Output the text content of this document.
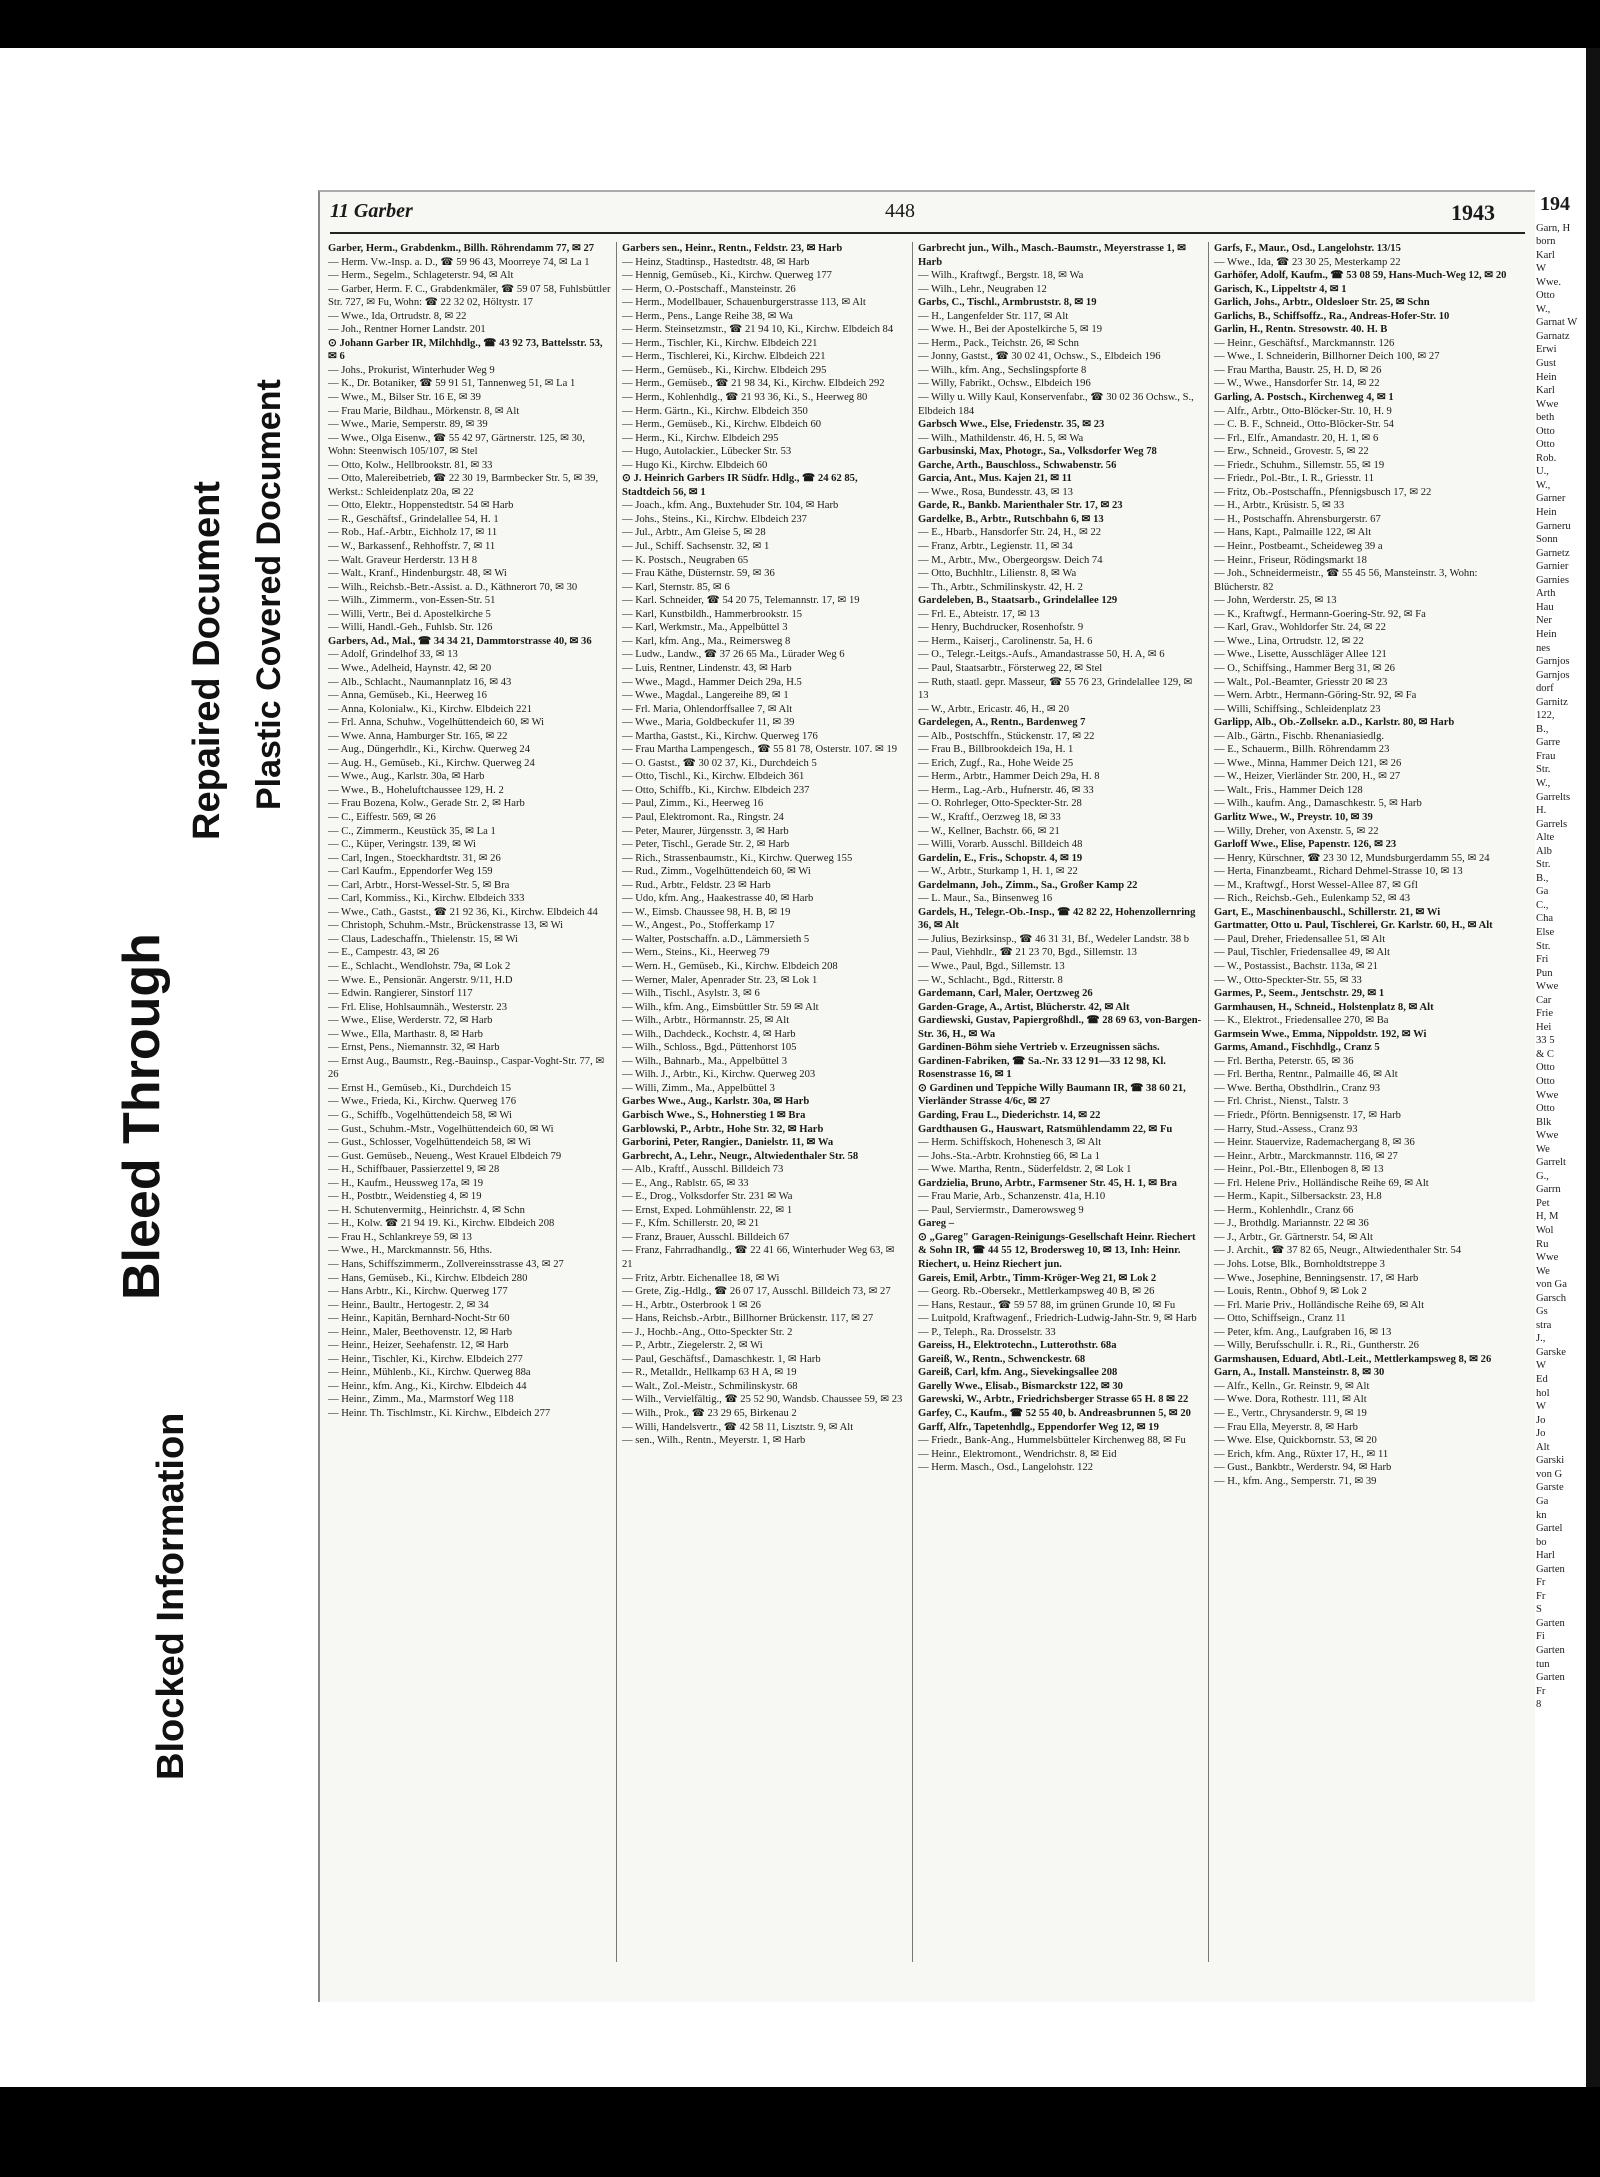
Blocked Information
Bleed Through
Repaired Document Plastic Covered Document
11 Garber	448	1943

Garber, Herm., Grabdenkm., Billh. Röhrendamm 77, ✉ 27

— Herm. Vw.-Insp. a. D., ☎ 59 96 43, Moorreye 74, ✉ La 1

— Herm., Segelm., Schlageterstr. 94, ✉ Alt

— Garber, Herm. F. C., Grabdenkmäler, ☎ 59 07 58, Fuhlsbüttler Str. 727, ✉ Fu, Wohn: ☎ 22 32 02, Höltystr. 17

— Wwe., Ida, Ortrudstr. 8, ✉ 22

— Joh., Rentner Horner Landstr. 201

⊙ Johann Garber IR, Milchhdlg., ☎ 43 92 73, Battelsstr. 53, ✉ 6

— Johs., Prokurist, Winterhuder Weg 9

— K., Dr. Botaniker, ☎ 59 91 51, Tannenweg 51, ✉ La 1

— Wwe., M., Bilser Str. 16 E, ✉ 39

— Frau Marie, Bildhau., Mörkenstr. 8, ✉ Alt

— Wwe., Marie, Semperstr. 89, ✉ 39

— Wwe., Olga Eisenw., ☎ 55 42 97, Gärtnerstr. 125, ✉ 30, Wohn: Steenwisch 105/107, ✉ Stel

— Otto, Kolw., Hellbrookstr. 81, ✉ 33

— Otto, Malereibetrieb, ☎ 22 30 19, Barmbecker Str. 5, ✉ 39, Werkst.: Schleidenplatz 20a, ✉ 22

— Otto, Elektr., Hoppenstedtstr. 54 ✉ Harb

— R., Geschäftsf., Grindelallee 54, H. 1

— Rob., Haf.-Arbtr., Eichholz 17, ✉ 11

— W., Barkassenf., Rehhoffstr. 7, ✉ 11

— Walt. Graveur Herderstr. 13 H 8

— Walt., Kranf., Hindenburgstr. 48, ✉ Wi

— Wilh., Reichsb.-Betr.-Assist. a. D., Käthnerort 70, ✉ 30

— Wilh., Zimmerm., von-Essen-Str. 51

— Willi, Vertr., Bei d. Apostelkirche 5

— Willi, Handl.-Geh., Fuhlsb. Str. 126

Garbers, Ad., Mal., ☎ 34 34 21, Dammtorstrasse 40, ✉ 36

— Adolf, Grindelhof 33, ✉ 13

— Wwe., Adelheid, Haynstr. 42, ✉ 20

— Alb., Schlacht., Naumannplatz 16, ✉ 43

— Anna, Gemüseb., Ki., Heerweg 16

— Anna, Kolonialw., Ki., Kirchw. Elbdeich 221

— Frl. Anna, Schuhw., Vogelhüttendeich 60, ✉ Wi

— Wwe. Anna, Hamburger Str. 165, ✉ 22

— Aug., Düngerhdlr., Ki., Kirchw. Querweg 24

— Aug. H., Gemüseb., Ki., Kirchw. Querweg 24

— Wwe., Aug., Karlstr. 30a, ✉ Harb

— Wwe., B., Hoheluftchaussee 129, H. 2

— Frau Bozena, Kolw., Gerade Str. 2, ✉ Harb

— C., Eiffestr. 569, ✉ 26

— C., Zimmerm., Keustück 35, ✉ La 1

— C., Küper, Veringstr. 139, ✉ Wi

— Carl, Ingen., Stoeckhardtstr. 31, ✉ 26

— Carl Kaufm., Eppendorfer Weg 159

— Carl, Arbtr., Horst-Wessel-Str. 5, ✉ Bra

— Carl, Kommiss., Ki., Kirchw. Elbdeich 333

— Wwe., Cath., Gastst., ☎ 21 92 36, Ki., Kirchw. Elbdeich 44

— Christoph, Schuhm.-Mstr., Brückenstrasse 13, ✉ Wi

— Claus, Ladeschaffn., Thielenstr. 15, ✉ Wi

— E., Campestr. 43, ✉ 26

— E., Schlacht., Wendlohstr. 79a, ✉ Lok 2

— Wwe. E., Pensionär. Angerstr. 9/11, H.D

— Edwin. Rangierer, Sinstorf 117

— Frl. Elise, Hohlsaumnäh., Westerstr. 23

— Wwe., Elise, Werderstr. 72, ✉ Harb

— Wwe., Ella, Marthastr. 8, ✉ Harb

— Ernst, Pens., Niemannstr. 32, ✉ Harb

— Ernst Aug., Baumstr., Reg.-Bauinsp., Caspar-Voght-Str. 77, ✉ 26

— Ernst H., Gemüseb., Ki., Durchdeich 15

— Wwe., Frieda, Ki., Kirchw. Querweg 176

— G., Schiffb., Vogelhüttendeich 58, ✉ Wi

— Gust., Schuhm.-Mstr., Vogelhüttendeich 60, ✉ Wi

— Gust., Schlosser, Vogelhüttendeich 58, ✉ Wi

— Gust. Gemüseb., Neueng., West Krauel Elbdeich 79

— H., Schiffbauer, Passierzettel 9, ✉ 28

— H., Kaufm., Heussweg 17a, ✉ 19

— H., Postbtr., Weidenstieg 4, ✉ 19

— H. Schutenvermitg., Heinrichstr. 4, ✉ Schn

— H., Kolw. ☎ 21 94 19. Ki., Kirchw. Elbdeich 208

— Frau H., Schlankreye 59, ✉ 13

— Wwe., H., Marckmannstr. 56, Hths.

— Hans, Schiffszimmerm., Zollvereinsstrasse 43, ✉ 27

— Hans, Gemüseb., Ki., Kirchw. Elbdeich 280

— Hans Arbtr., Ki., Kirchw. Querweg 177

— Heinr., Baultr., Hertogestr. 2, ✉ 34

— Heinr., Kapitän, Bernhard-Nocht-Str 60

— Heinr., Maler, Beethovenstr. 12, ✉ Harb

— Heinr., Heizer, Seehafenstr. 12, ✉ Harb

— Heinr., Tischler, Ki., Kirchw. Elbdeich 277

— Heinr., Mühlenb., Ki., Kirchw. Querweg 88a

— Heinr., kfm. Ang., Ki., Kirchw. Elbdeich 44

— Heinr., Zimm., Ma., Marmstorf Weg 118

— Heinr. Th. Tischlmstr., Ki. Kirchw., Elbdeich 277

Garbers sen., Heinr., Rentn., Feldstr. 23, ✉ Harb

— Heinz, Stadtinsp., Hastedtstr. 48, ✉ Harb

— Hennig, Gemüseb., Ki., Kirchw. Querweg 177

— Herm, O.-Postschaff., Mansteinstr. 26

— Herm., Modellbauer, Schauenburgerstrasse 113, ✉ Alt

— Herm., Pens., Lange Reihe 38, ✉ Wa

— Herm. Steinsetzmstr., ☎ 21 94 10, Ki., Kirchw. Elbdeich 84

— Herm., Tischler, Ki., Kirchw. Elbdeich 221

— Herm., Tischlerei, Ki., Kirchw. Elbdeich 221

— Herm., Gemüseb., Ki., Kirchw. Elbdeich 295

— Herm., Gemüseb., ☎ 21 98 34, Ki., Kirchw. Elbdeich 292

— Herm., Kohlenhdlg., ☎ 21 93 36, Ki., S., Heerweg 80

— Herm. Gärtn., Ki., Kirchw. Elbdeich 350

— Herm., Gemüseb., Ki., Kirchw. Elbdeich 60

— Herm., Ki., Kirchw. Elbdeich 295

— Hugo, Autolackier., Lübecker Str. 53

— Hugo Ki., Kirchw. Elbdeich 60

⊙ J. Heinrich Garbers IR Südfr. Hdlg., ☎ 24 62 85, Stadtdeich 56, ✉ 1

— Joach., kfm. Ang., Buxtehuder Str. 104, ✉ Harb

— Johs., Steins., Ki., Kirchw. Elbdeich 237

— Jul., Arbtr., Am Gleise 5, ✉ 28

— Jul., Schiff. Sachsenstr. 32, ✉ 1

— K. Postsch., Neugraben 65

— Frau Käthe, Düsternstr. 59, ✉ 36

— Karl, Sternstr. 85, ✉ 6

— Karl. Schneider, ☎ 54 20 75, Telemannstr. 17, ✉ 19

— Karl, Kunstbildh., Hammerbrookstr. 15

— Karl, Werkmstr., Ma., Appelbüttel 3

— Karl, kfm. Ang., Ma., Reimersweg 8

— Ludw., Landw., ☎ 37 26 65 Ma., Lürader Weg 6

— Luis, Rentner, Lindenstr. 43, ✉ Harb

— Wwe., Magd., Hammer Deich 29a, H.5

— Wwe., Magdal., Langereihe 89, ✉ 1

— Frl. Maria, Ohlendorffsallee 7, ✉ Alt

— Wwe., Maria, Goldbeckufer 11, ✉ 39

— Martha, Gastst., Ki., Kirchw. Querweg 176

— Frau Martha Lampengesch., ☎ 55 81 78, Osterstr. 107. ✉ 19

— O. Gastst., ☎ 30 02 37, Ki., Durchdeich 5

— Otto, Tischl., Ki., Kirchw. Elbdeich 361

— Otto, Schiffb., Ki., Kirchw. Elbdeich 237

— Paul, Zimm., Ki., Heerweg 16

— Paul, Elektromont. Ra., Ringstr. 24

— Peter, Maurer, Jürgensstr. 3, ✉ Harb

— Peter, Tischl., Gerade Str. 2, ✉ Harb

— Rich., Strassenbaumstr., Ki., Kirchw. Querweg 155

— Rud., Zimm., Vogelhüttendeich 60, ✉ Wi

— Rud., Arbtr., Feldstr. 23 ✉ Harb

— Udo, kfm. Ang., Haakestrasse 40, ✉ Harb

— W., Eimsb. Chaussee 98, H. B, ✉ 19

— W., Angest., Po., Stofferkamp 17

— Walter, Postschaffn. a.D., Lämmersieth 5

— Wern., Steins., Ki., Heerweg 79

— Wern. H., Gemüseb., Ki., Kirchw. Elbdeich 208

— Werner, Maler, Apenrader Str. 23, ✉ Lok 1

— Wilh., Tischl., Asylstr. 3, ✉ 6

— Wilh., kfm. Ang., Eimsbüttler Str. 59 ✉ Alt

— Wilh., Arbtr., Hörmannstr. 25, ✉ Alt

— Wilh., Dachdeck., Kochstr. 4, ✉ Harb

— Wilh., Schloss., Bgd., Püttenhorst 105

— Wilh., Bahnarb., Ma., Appelbüttel 3

— Wilh. J., Arbtr., Ki., Kirchw. Querweg 203

— Willi, Zimm., Ma., Appelbüttel 3

Garbes Wwe., Aug., Karlstr. 30a, ✉ Harb

Garbisch Wwe., S., Hohnerstieg 1 ✉ Bra

Garblowski, P., Arbtr., Hohe Str. 32, ✉ Harb

Garborini, Peter, Rangier., Danielstr. 11, ✉ Wa

Garbrecht, A., Lehr., Neugr., Altwiedenthaler Str. 58

— Alb., Kraftf., Ausschl. Billdeich 73

— E., Ang., Rablstr. 65, ✉ 33

— E., Drog., Volksdorfer Str. 231 ✉ Wa

— Ernst, Exped. Lohmühlenstr. 22, ✉ 1

— F., Kfm. Schillerstr. 20, ✉ 21

— Franz, Brauer, Ausschl. Billdeich 67

— Franz, Fahrradhandlg., ☎ 22 41 66, Winterhuder Weg 63, ✉ 21

— Fritz, Arbtr. Eichenallee 18, ✉ Wi

— Grete, Zig.-Hdlg., ☎ 26 07 17, Ausschl. Billdeich 73, ✉ 27

— H., Arbtr., Osterbrook 1 ✉ 26

— Hans, Reichsb.-Arbtr., Billhorner Brückenstr. 117, ✉ 27

— J., Hochb.-Ang., Otto-Speckter Str. 2

— P., Arbtr., Ziegelerstr. 2, ✉ Wi

— Paul, Geschäftsf., Damaschkestr. 1, ✉ Harb

— R., Metalldr., Hellkamp 63 H A, ✉ 19

— Walt., Zol.-Meistr., Schmilinskystr. 68

— Wilh., Vervielfältig., ☎ 25 52 90, Wandsb. Chaussee 59, ✉ 23

— Wilh., Prok., ☎ 23 29 65, Birkenau 2

— Willi, Handelsvertr., ☎ 42 58 11, Lisztstr. 9, ✉ Alt

— sen., Wilh., Rentn., Meyerstr. 1, ✉ Harb

Garbrecht jun., Wilh., Masch.-Baumstr., Meyerstrasse 1, ✉ Harb

— Wilh., Kraftwgf., Bergstr. 18, ✉ Wa

— Wilh., Lehr., Neugraben 12

Garbs, C., Tischl., Armbruststr. 8, ✉ 19

— H., Langenfelder Str. 117, ✉ Alt

— Wwe. H., Bei der Apostelkirche 5, ✉ 19

— Herm., Pack., Teichstr. 26, ✉ Schn

— Jonny, Gastst., ☎ 30 02 41, Ochsw., S., Elbdeich 196

— Wilh., kfm. Ang., Sechslingspforte 8

— Willy, Fabrikt., Ochsw., Elbdeich 196

— Willy u. Willy Kaul, Konservenfabr., ☎ 30 02 36 Ochsw., S., Elbdeich 184

Garbsch Wwe., Else, Friedenstr. 35, ✉ 23

— Wilh., Mathildenstr. 46, H. 5, ✉ Wa

Garbusinski, Max, Photogr., Sa., Volksdorfer Weg 78

Garche, Arth., Bauschloss., Schwabenstr. 56

Garcia, Ant., Mus. Kajen 21, ✉ 11

— Wwe., Rosa, Bundesstr. 43, ✉ 13

Garde, R., Bankb. Marienthaler Str. 17, ✉ 23

Gardelke, B., Arbtr., Rutschbahn 6, ✉ 13

— E., Hbarb., Hansdorfer Str. 24, H., ✉ 22

— Franz, Arbtr., Legienstr. 11, ✉ 34

— M., Arbtr., Mw., Obergeorgsw. Deich 74

— Otto, Buchhltr., Lilienstr. 8, ✉ Wa

— Th., Arbtr., Schmilinskystr. 42, H. 2

Gardeleben, B., Staatsarb., Grindelallee 129

— Frl. E., Abteistr. 17, ✉ 13

— Henry, Buchdrucker, Rosenhofstr. 9

— Herm., Kaiserj., Carolinenstr. 5a, H. 6

— O., Telegr.-Leitgs.-Aufs., Amandastrasse 50, H. A, ✉ 6

— Paul, Staatsarbtr., Försterweg 22, ✉ Stel

— Ruth, staatl. gepr. Masseur, ☎ 55 76 23, Grindelallee 129, ✉ 13

— W., Arbtr., Ericastr. 46, H., ✉ 20

Gardelegen, A., Rentn., Bardenweg 7

— Alb., Postschffn., Stückenstr. 17, ✉ 22

— Frau B., Billbrookdeich 19a, H. 1

— Erich, Zugf., Ra., Hohe Weide 25

— Herm., Arbtr., Hammer Deich 29a, H. 8

— Herm., Lag.-Arb., Hufnerstr. 46, ✉ 33

— O. Rohrleger, Otto-Speckter-Str. 28

— W., Kraftf., Oerzweg 18, ✉ 33

— W., Kellner, Bachstr. 66, ✉ 21

— Willi, Vorarb. Ausschl. Billdeich 48

Gardelin, E., Fris., Schopstr. 4, ✉ 19

— W., Arbtr., Sturkamp 1, H. 1, ✉ 22

Gardelmann, Joh., Zimm., Sa., Großer Kamp 22

— L. Maur., Sa., Binsenweg 16

Gardels, H., Telegr.-Ob.-Insp., ☎ 42 82 22, Hohenzollernring 36, ✉ Alt

— Julius, Bezirksinsp., ☎ 46 31 31, Bf., Wedeler Landstr. 38 b

— Paul, Viehhdlr., ☎ 21 23 70, Bgd., Sillemstr. 13

— Wwe., Paul, Bgd., Sillemstr. 13

— W., Schlacht., Bgd., Ritterstr. 8

Gardemann, Carl, Maler, Oertzweg 26

Garden-Grage, A., Artist, Blücherstr. 42, ✉ Alt

Gardiewski, Gustav, Papiergroßhdl., ☎ 28 69 63, von-Bargen-Str. 36, H., ✉ Wa

Gardinen-Böhm siehe Vertrieb v. Erzeugnissen sächs. Gardinen-Fabriken, ☎ Sa.-Nr. 33 12 91—33 12 98, Kl. Rosenstrasse 16, ✉ 1

⊙ Gardinen und Teppiche Willy Baumann IR, ☎ 38 60 21, Vierländer Strasse 4/6c, ✉ 27

Garding, Frau L., Diederichstr. 14, ✉ 22

Gardthausen G., Hauswart, Ratsmühlendamm 22, ✉ Fu

— Herm. Schiffskoch, Hohenesch 3, ✉ Alt

— Johs.-Sta.-Arbtr. Krohnstieg 66, ✉ La 1

— Wwe. Martha, Rentn., Süderfeldstr. 2, ✉ Lok 1

Gardzielia, Bruno, Arbtr., Farmsener Str. 45, H. 1, ✉ Bra

— Frau Marie, Arb., Schanzenstr. 41a, H.10

— Paul, Serviermstr., Damerowsweg 9

Gareg –

⊙ „Gareg" Garagen-Reinigungs-Gesellschaft Heinr. Riechert & Sohn IR, ☎ 44 55 12, Brodersweg 10, ✉ 13, Inh: Heinr. Riechert, u. Heinz Riechert jun.

Gareis, Emil, Arbtr., Timm-Kröger-Weg 21, ✉ Lok 2

— Georg. Rb.-Obersekr., Mettlerkampsweg 40 B, ✉ 26

— Hans, Restaur., ☎ 59 57 88, im grünen Grunde 10, ✉ Fu

— Luitpold, Kraftwagenf., Friedrich-Ludwig-Jahn-Str. 9, ✉ Harb

— P., Teleph., Ra. Drosselstr. 33

Gareiss, H., Elektrotechn., Lutterothstr. 68a

Gareiß, W., Rentn., Schwenckestr. 68

Gareiß, Carl, kfm. Ang., Sievekingsallee 208

Garelly Wwe., Elisab., Bismarckstr 122, ✉ 30

Garewski, W., Arbtr., Friedrichsberger Strasse 65 H. 8 ✉ 22

Garfey, C., Kaufm., ☎ 52 55 40, b. Andreasbrunnen 5, ✉ 20

Garff, Alfr., Tapetenhdlg., Eppendorfer Weg 12, ✉ 19

— Friedr., Bank-Ang., Hummelsbütteler Kirchenweg 88, ✉ Fu

— Heinr., Elektromont., Wendrichstr. 8, ✉ Eid

— Herm. Masch., Osd., Langelohstr. 122

Garfs, F., Maur., Osd., Langelohstr. 13/15

— Wwe., Ida, ☎ 23 30 25, Mesterkamp 22

Garhöfer, Adolf, Kaufm., ☎ 53 08 59, Hans-Much-Weg 12, ✉ 20

Garisch, K., Lippeltstr 4, ✉ 1

Garlich, Johs., Arbtr., Oldesloer Str. 25, ✉ Schn

Garlichs, B., Schiffsoffz., Ra., Andreas-Hofer-Str. 10

Garlin, H., Rentn. Stresowstr. 40. H. B

— Heinr., Geschäftsf., Marckmannstr. 126

— Wwe., I. Schneiderin, Billhorner Deich 100, ✉ 27

— Frau Martha, Baustr. 25, H. D, ✉ 26

— W., Wwe., Hansdorfer Str. 14, ✉ 22

Garling, A. Postsch., Kirchenweg 4, ✉ 1

— Alfr., Arbtr., Otto-Blöcker-Str. 10, H. 9

— C. B. F., Schneid., Otto-Blöcker-Str. 54

— Frl., Elfr., Amandastr. 20, H. 1, ✉ 6

— Erw., Schneid., Grovestr. 5, ✉ 22

— Friedr., Schuhm., Sillemstr. 55, ✉ 19

— Friedr., Pol.-Btr., I. R., Griesstr. 11

— Fritz, Ob.-Postschaffn., Pfennigsbusch 17, ✉ 22

— H., Arbtr., Krüsistr. 5, ✉ 33

— H., Postschaffn. Ahrensburgerstr. 67

— Hans, Kapt., Palmaille 122, ✉ Alt

— Heinr., Postbeamt., Scheideweg 39 a

— Heinr., Friseur, Rödingsmarkt 18

— Joh., Schneidermeistr., ☎ 55 45 56, Mansteinstr. 3, Wohn: Blücherstr. 82

— John, Werderstr. 25, ✉ 13

— K., Kraftwgf., Hermann-Goering-Str. 92, ✉ Fa

— Karl, Grav., Wohldorfer Str. 24, ✉ 22

— Wwe., Lina, Ortrudstr. 12, ✉ 22

— Wwe., Lisette, Ausschläger Allee 121

— O., Schiffsing., Hammer Berg 31, ✉ 26

— Walt., Pol.-Beamter, Griesstr 20 ✉ 23

— Wern. Arbtr., Hermann-Göring-Str. 92, ✉ Fa

— Willi, Schiffsing., Schleidenplatz 23

Garlipp, Alb., Ob.-Zollsekr. a.D., Karlstr. 80, ✉ Harb

— Alb., Gärtn., Fischb. Rhenaniasiedlg.

— E., Schauerm., Billh. Röhrendamm 23

— Wwe., Minna, Hammer Deich 121, ✉ 26

— W., Heizer, Vierländer Str. 200, H., ✉ 27

— Walt., Fris., Hammer Deich 128

— Wilh., kaufm. Ang., Damaschkestr. 5, ✉ Harb

Garlitz Wwe., W., Preystr. 10, ✉ 39

— Willy, Dreher, von Axenstr. 5, ✉ 22

Garloff Wwe., Elise, Papenstr. 126, ✉ 23

— Henry, Kürschner, ☎ 23 30 12, Mundsburgerdamm 55, ✉ 24

— Herta, Finanzbeamt., Richard Dehmel-Strasse 10, ✉ 13

— M., Kraftwgf., Horst Wessel-Allee 87, ✉ Gfl

— Rich., Reichsb.-Geh., Eulenkamp 52, ✉ 43

Gart, E., Maschinenbauschl., Schillerstr. 21, ✉ Wi

Gartmatter, Otto u. Paul, Tischlerei, Gr. Karlstr. 60, H., ✉ Alt

— Paul, Dreher, Friedensallee 51, ✉ Alt

— Paul, Tischler, Friedensallee 49, ✉ Alt

— W., Postassist., Bachstr. 113a, ✉ 21

— W., Otto-Speckter-Str. 55, ✉ 33

Garmes, P., Seem., Jentschstr. 29, ✉ 1

Garmhausen, H., Schneid., Holstenplatz 8, ✉ Alt

— K., Elektrot., Friedensallee 270, ✉ Ba

Garmsein Wwe., Emma, Nippoldstr. 192, ✉ Wi

Garms, Amand., Fischhdlg., Cranz 5

— Frl. Bertha, Peterstr. 65, ✉ 36

— Frl. Bertha, Rentnr., Palmaille 46, ✉ Alt

— Wwe. Bertha, Obsthdlrin., Cranz 93

— Frl. Christ., Nienst., Talstr. 3

— Friedr., Pförtn. Bennigsenstr. 17, ✉ Harb

— Harry, Stud.-Assess., Cranz 93

— Heinr. Stauervize, Rademachergang 8, ✉ 36

— Heinr., Arbtr., Marckmannstr. 116, ✉ 27

— Heinr., Pol.-Btr., Ellenbogen 8, ✉ 13

— Frl. Helene Priv., Holländische Reihe 69, ✉ Alt

— Herm., Kapit., Silbersackstr. 23, H.8

— Herm., Kohlenhdlr., Cranz 66

— J., Brothdlg. Mariannstr. 22 ✉ 36

— J., Arbtr., Gr. Gärtnerstr. 54, ✉ Alt

— J. Archit., ☎ 37 82 65, Neugr., Altwiedenthaler Str. 54

— Johs. Lotse, Blk., Bornholdtstreppe 3

— Wwe., Josephine, Benningsenstr. 17, ✉ Harb

— Louis, Rentn., Obhof 9, ✉ Lok 2

— Frl. Marie Priv., Holländische Reihe 69, ✉ Alt

— Otto, Schiffseign., Cranz 11

— Peter, kfm. Ang., Laufgraben 16, ✉ 13

— Willy, Berufsschullr. i. R., Ri., Guntherstr. 26

Garmshausen, Eduard, Abtl.-Leit., Mettlerkampsweg 8, ✉ 26

Garn, A., Install. Mansteinstr. 8, ✉ 30

— Alfr., Kelln., Gr. Reinstr. 9, ✉ Alt

— Wwe. Dora, Rothestr. 111, ✉ Alt

— E., Vertr., Chrysanderstr. 9, ✉ 19

— Frau Ella, Meyerstr. 8, ✉ Harb

— Wwe. Else, Quickbornstr. 53, ✉ 20

— Erich, kfm. Ang., Rüxter 17, H., ✉ 11

— Gust., Bankbtr., Werderstr. 94, ✉ Harb

— H., kfm. Ang., Semperstr. 71, ✉ 39

194
Garn, H
born
Karl
W
Wwe.
Otto
W.,
Garnat W
Garnatz
Erwi
Gust
Hein
Karl
Wwe
beth
Otto
Otto
Rob.
U.,
W.,
Garner
Hein
Garneru
Sonn
Garnetz
Garnier
Garnies
Arth
Hau
Ner
Hein
nes
Garnjos
Garnjos
dorf
Garnitz
122,
B.,
Garre
Frau
Str.
W.,
Garrelts
H.
Garrels
Alte
Alb
Str.
B.,
Ga
C.,
Cha
Else
Str.
Fri
Pun
Wwe
Car
Frie
Hei
33 5
& C
Otto
Otto
Wwe
Otto
Blk
Wwe
We
Garrelt
G.,
Garrn
Pet
H, M
Wol
Ru
Wwe
We
von Ga
Garsch
Gs
stra
J.,
Garske
W
Ed
hol
W
Jo
Jo
Alt
Garski
von G
Garste
Ga
kn
Gartel
bo
Harl
Garten
Fr
Fr
S
Garten
Fi
Garten
tun
Garten
Fr
8
